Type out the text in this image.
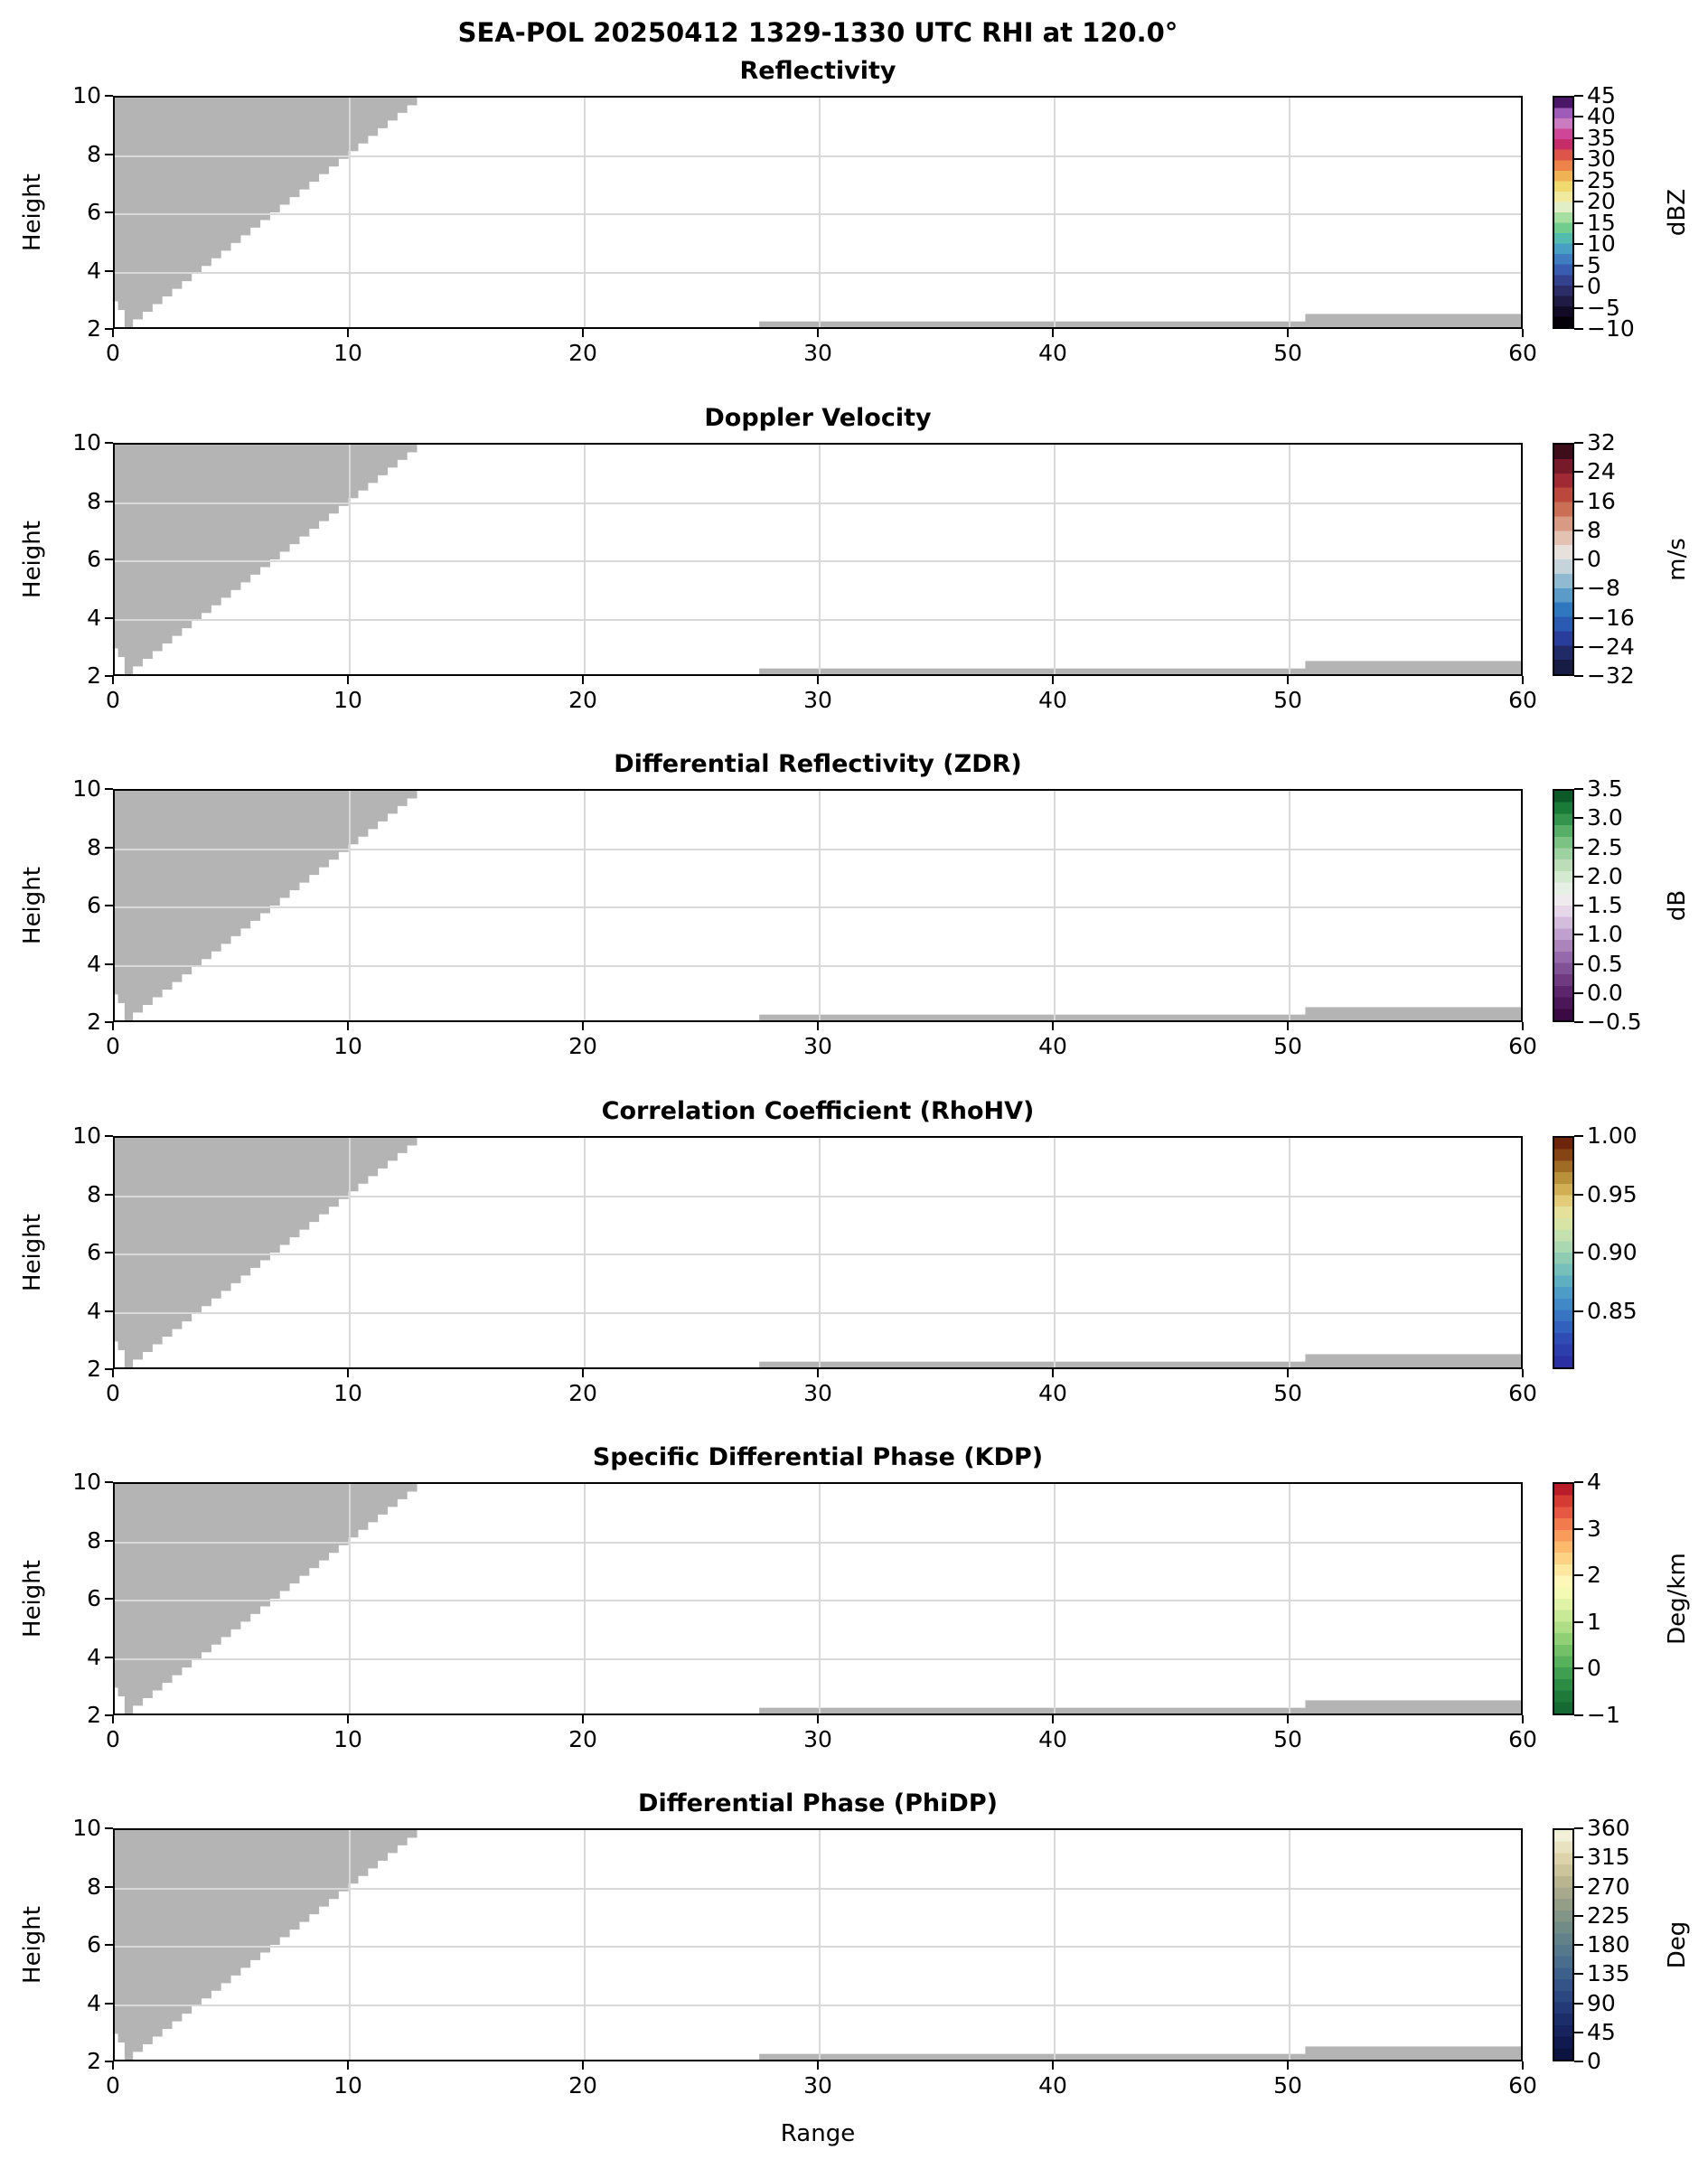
SEA-POL 20250412 1329-1330 UTC RHI at 120.0°
Reflectivity
Height	dBZ
0	10	20	30	40	50	60
10
8
6
4
2
45
40
35
30
25
20
15
10
5
0
−5
−10
Doppler Velocity
Height	m/s
0	10	20	30	40	50	60
10
8
6
4
2
32
24
16
8
0
−8
−16
−24
−32
Differential Reflectivity (ZDR)
Height	dB
0	10	20	30	40	50	60
10
8
6
4
2
3.5
3.0
2.5
2.0
1.5
1.0
0.5
0.0
−0.5
Correlation Coefficient (RhoHV)
Height
0	10	20	30	40	50	60
10
8
6
4
2
1.00
0.95
0.90
0.85
Specific Differential Phase (KDP)
Height	Deg/km
0	10	20	30	40	50	60
10
8
6
4
2
4
3
2
1
0
−1
Differential Phase (PhiDP)
Height	Deg
0	10	20	30	40	50	60
10
8
6
4
2
360
315
270
225
180
135
90
45
0
Range
